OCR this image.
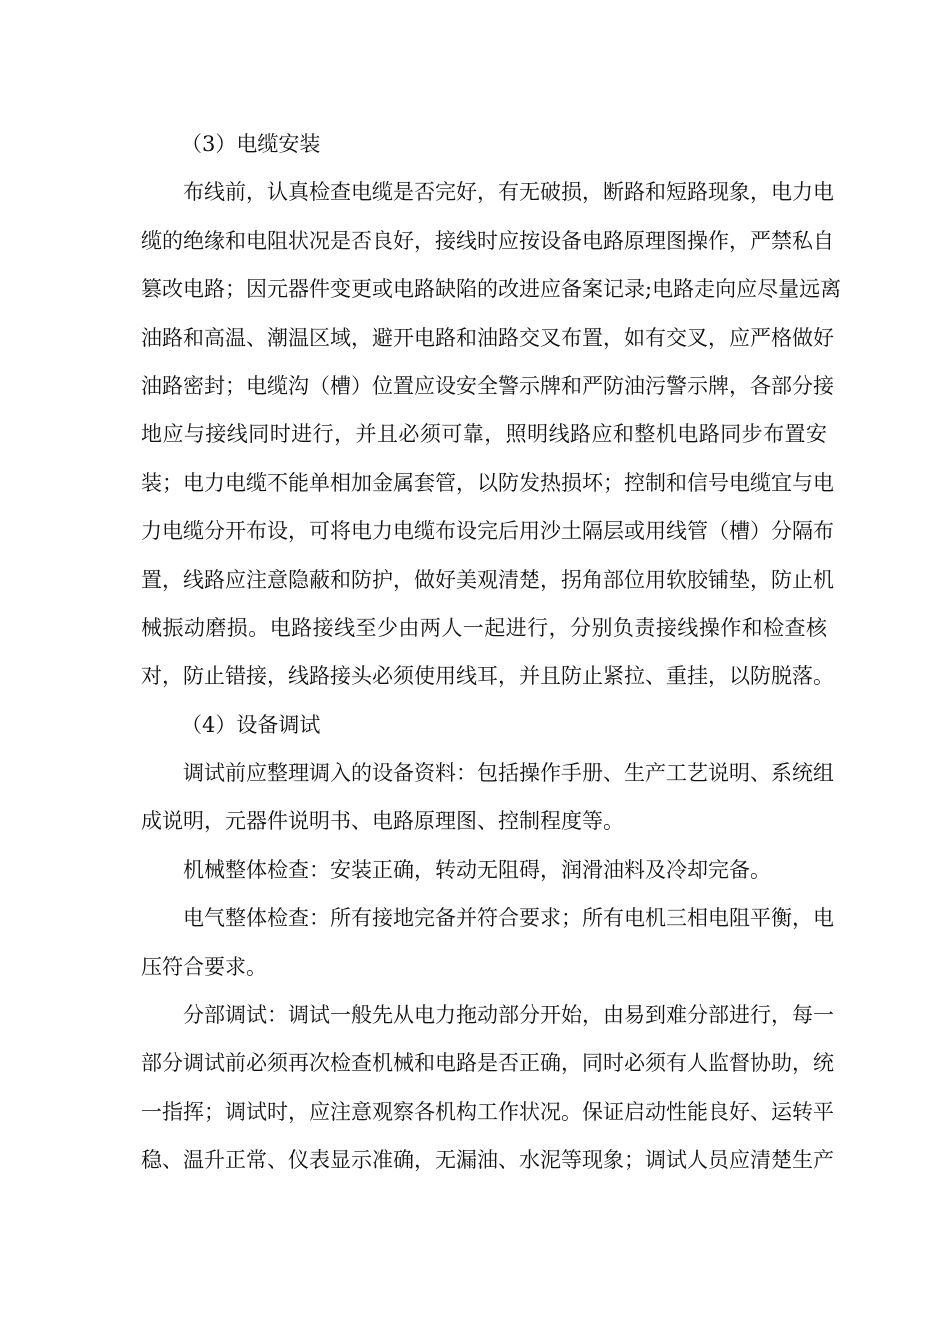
（3）电缆安装
布线前，认真检查电缆是否完好，有无破损，断路和短路现象，电力电
缆的绝缘和电阻状况是否良好，接线时应按设备电路原理图操作，严禁私自
篡改电路；因元器件变更或电路缺陷的改进应备案记录;电路走向应尽量远离
油路和高温、潮温区域，避开电路和油路交叉布置，如有交叉，应严格做好
油路密封；电缆沟（槽）位置应设安全警示牌和严防油污警示牌，各部分接
地应与接线同时进行，并且必须可靠，照明线路应和整机电路同步布置安
装；电力电缆不能单相加金属套管，以防发热损坏；控制和信号电缆宜与电
力电缆分开布设，可将电力电缆布设完后用沙土隔层或用线管（槽）分隔布
置，线路应注意隐蔽和防护，做好美观清楚，拐角部位用软胶铺垫，防止机
械振动磨损。电路接线至少由两人一起进行，分别负责接线操作和检查核
对，防止错接，线路接头必须使用线耳，并且防止紧拉、重挂，以防脱落。
（4）设备调试
调试前应整理调入的设备资料：包括操作手册、生产工艺说明、系统组
成说明，元器件说明书、电路原理图、控制程度等。
机械整体检查：安装正确，转动无阻碍，润滑油料及冷却完备。
电气整体检查：所有接地完备并符合要求；所有电机三相电阻平衡，电
压符合要求。
分部调试：调试一般先从电力拖动部分开始，由易到难分部进行，每一
部分调试前必须再次检查机械和电路是否正确，同时必须有人监督协助，统
一指挥；调试时，应注意观察各机构工作状况。保证启动性能良好、运转平
稳、温升正常、仪表显示准确，无漏油、水泥等现象；调试人员应清楚生产
